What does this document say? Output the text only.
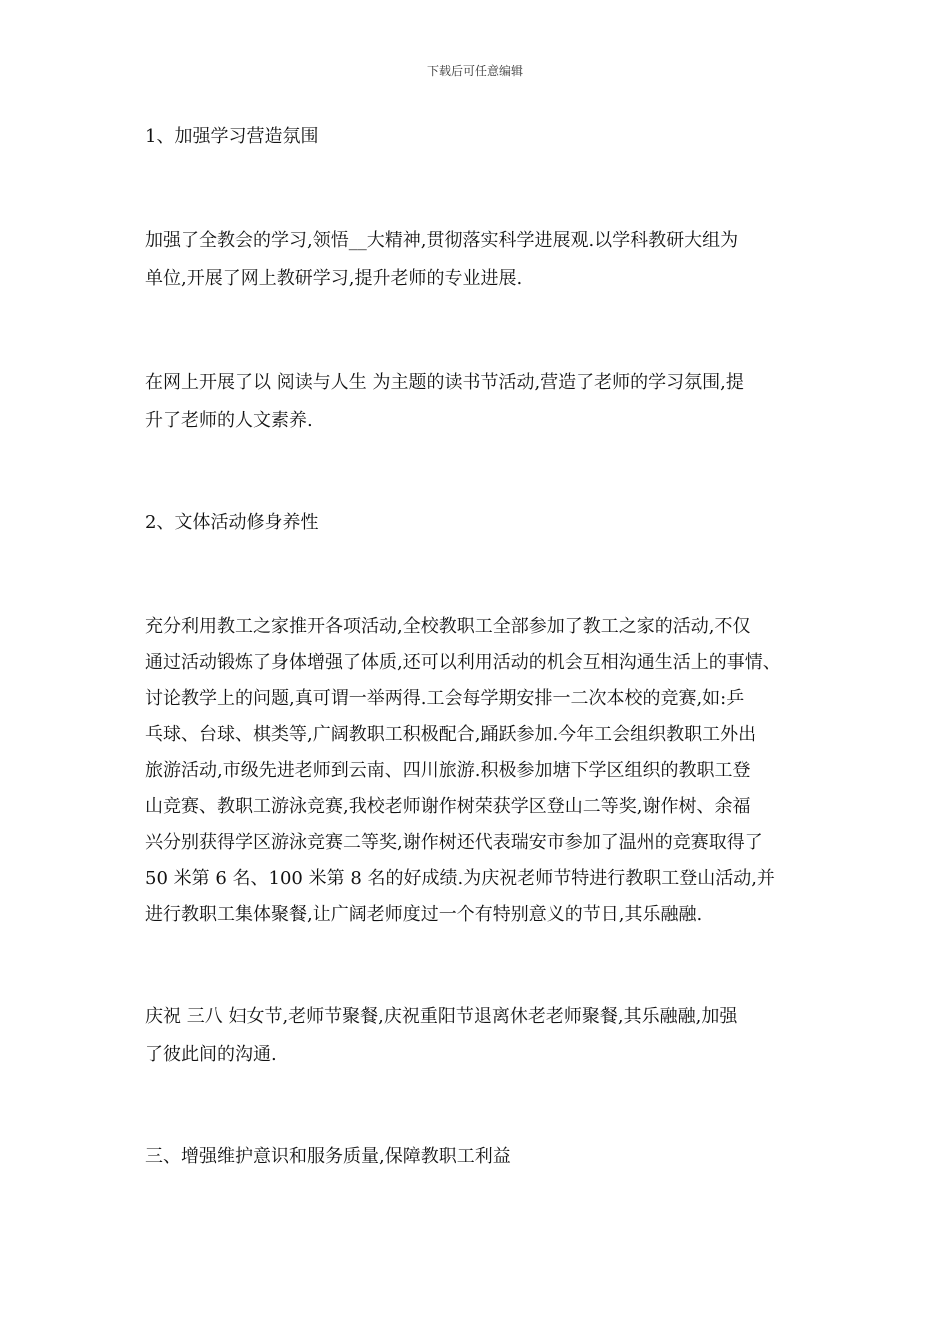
下载后可任意编辑
1、加强学习营造氛围
加强了全教会的学习,领悟__大精神,贯彻落实科学进展观.以学科教研大组为
单位,开展了网上教研学习,提升老师的专业进展.
在网上开展了以 阅读与人生 为主题的读书节活动,营造了老师的学习氛围,提
升了老师的人文素养.
2、文体活动修身养性
充分利用教工之家推开各项活动,全校教职工全部参加了教工之家的活动,不仅
通过活动锻炼了身体增强了体质,还可以利用活动的机会互相沟通生活上的事情、
讨论教学上的问题,真可谓一举两得.工会每学期安排一二次本校的竞赛,如:乒
乓球、台球、棋类等,广阔教职工积极配合,踊跃参加.今年工会组织教职工外出
旅游活动,市级先进老师到云南、四川旅游.积极参加塘下学区组织的教职工登
山竞赛、教职工游泳竞赛,我校老师谢作树荣获学区登山二等奖,谢作树、余福
兴分别获得学区游泳竞赛二等奖,谢作树还代表瑞安市参加了温州的竞赛取得了
50 米第 6 名、100 米第 8 名的好成绩.为庆祝老师节特进行教职工登山活动,并
进行教职工集体聚餐,让广阔老师度过一个有特别意义的节日,其乐融融.
庆祝 三八 妇女节,老师节聚餐,庆祝重阳节退离休老老师聚餐,其乐融融,加强
了彼此间的沟通.
三、增强维护意识和服务质量,保障教职工利益
